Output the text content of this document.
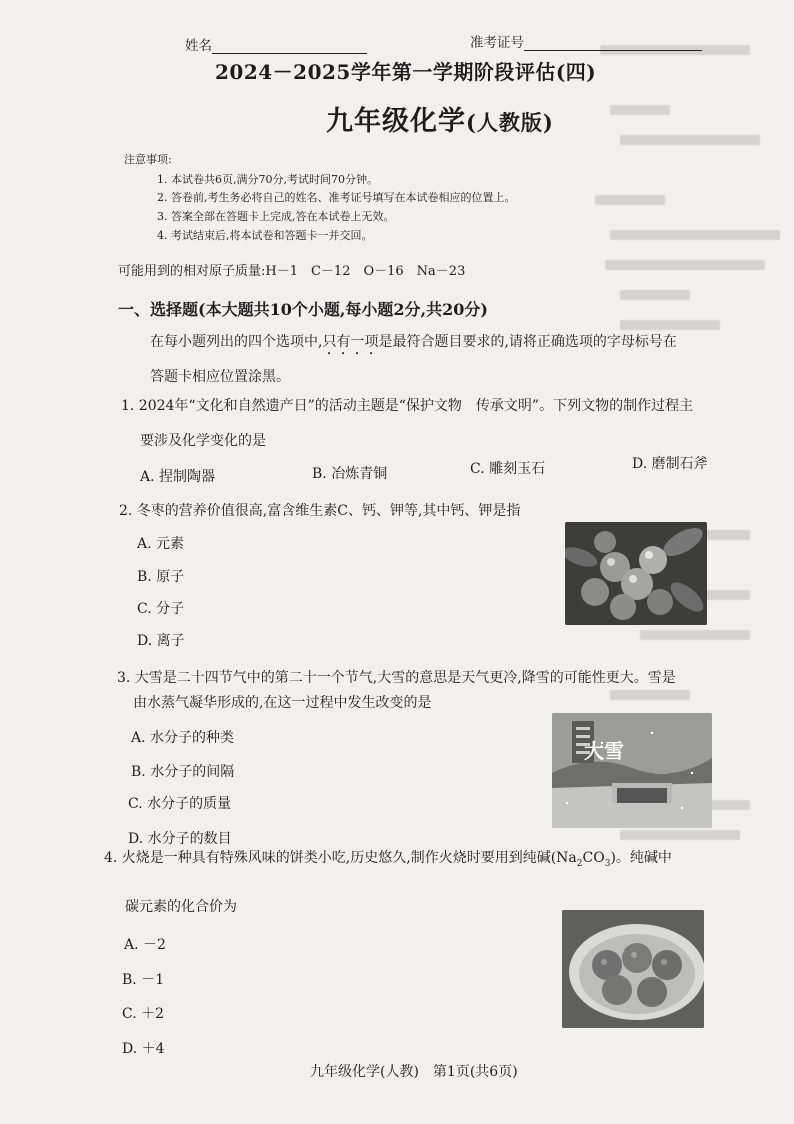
姓名	准考证号
2024－2025学年第一学期阶段评估(四)
九年级化学(人教版)
注意事项:
1. 本试卷共6页,满分70分,考试时间70分钟。
2. 答卷前,考生务必将自己的姓名、准考证号填写在本试卷相应的位置上。
3. 答案全部在答题卡上完成,答在本试卷上无效。
4. 考试结束后,将本试卷和答题卡一并交回。
可能用到的相对原子质量:H－1　C－12　O－16　Na－23
一、选择题(本大题共10个小题,每小题2分,共20分)
在每小题列出的四个选项中,只有一项是最符合题目要求的,请将正确选项的字母标号在
答题卡相应位置涂黑。
1. 2024年“文化和自然遗产日”的活动主题是“保护文物　传承文明”。下列文物的制作过程主
要涉及化学变化的是
A. 捏制陶器	B. 冶炼青铜	C. 雕刻玉石	D. 磨制石斧
2. 冬枣的营养价值很高,富含维生素C、钙、钾等,其中钙、钾是指
A. 元素
B. 原子
C. 分子
D. 离子
3. 大雪是二十四节气中的第二十一个节气,大雪的意思是天气更冷,降雪的可能性更大。雪是
由水蒸气凝华形成的,在这一过程中发生改变的是
A. 水分子的种类
B. 水分子的间隔
C. 水分子的质量
D. 水分子的数目
大雪
4. 火烧是一种具有特殊风味的饼类小吃,历史悠久,制作火烧时要用到纯碱$(Na_2CO_3)$。纯碱中
碳元素的化合价为
A. －2
B. －1
C. ＋2
D. ＋4
九年级化学(人教)　第1页(共6页)
